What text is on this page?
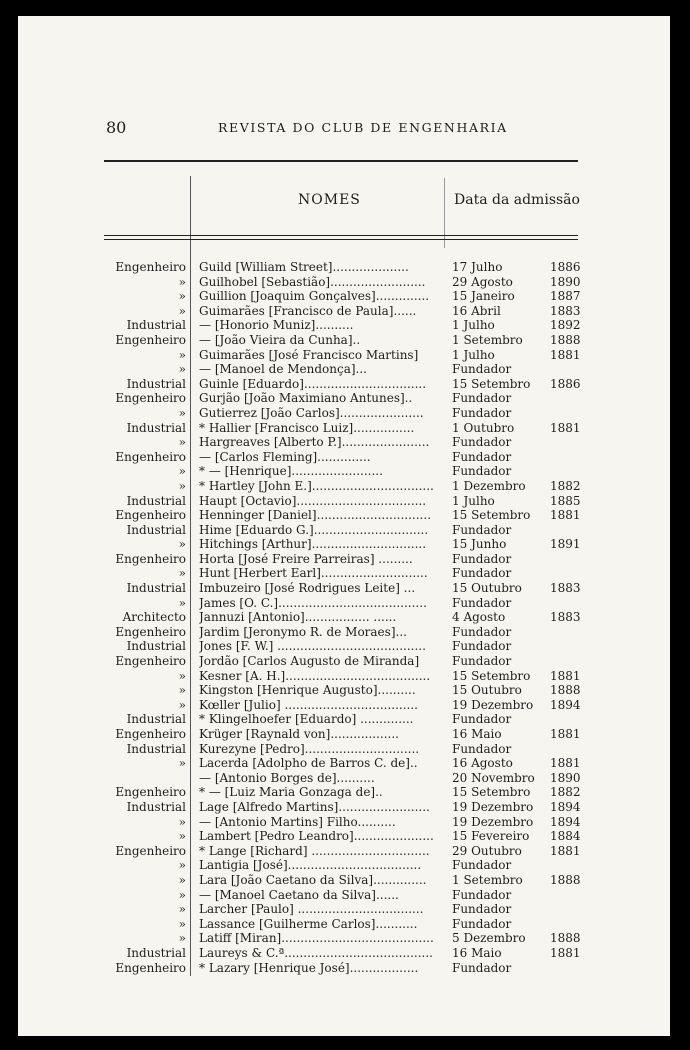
80	REVISTA DO CLUB DE ENGENHARIA
NOMES	Data da admissão
Engenheiro Guild [William Street]....................	17 Julho	1886
» Guilhobel [Sebastião].........................	29 Agosto	1890
» Guillion [Joaquim Gonçalves]..............	15 Janeiro	1887
» Guimarães [Francisco de Paula]......	16 Abril	1883
Industrial — [Honorio Muniz]..........	1 Julho	1892
Engenheiro — [João Vieira da Cunha]..	1 Setembro 1888
» Guimarães [José Francisco Martins]	1 Julho	1881
» — [Manoel de Mendonça]...	Fundador
Industrial Guinle [Eduardo]................................	15 Setembro 1886
Engenheiro Gurjão [João Maximiano Antunes]..	Fundador
» Gutierrez [João Carlos]......................	Fundador
Industrial * Hallier [Francisco Luiz]................	1 Outubro	1881
» Hargreaves [Alberto P.].......................	Fundador
Engenheiro — [Carlos Fleming]..............	Fundador
» * — [Henrique]........................	Fundador
» * Hartley [John E.]................................	1 Dezembro 1882
Industrial Haupt [Octavio]..................................	1 Julho	1885
Engenheiro Henninger [Daniel]..............................	15 Setembro 1881
Industrial Hime [Eduardo G.]..............................	Fundador
» Hitchings [Arthur]..............................	15 Junho	1891
Engenheiro Horta [José Freire Parreiras] .........	Fundador
» Hunt [Herbert Earl]............................	Fundador
Industrial Imbuzeiro [José Rodrigues Leite] ...	15 Outubro 1883
» James [O. C.].......................................	Fundador
Architecto Jannuzi [Antonio]................. ......	4 Agosto	1883
Engenheiro Jardim [Jeronymo R. de Moraes]...	Fundador
Industrial Jones [F. W.] .......................................	Fundador
Engenheiro Jordão [Carlos Augusto de Miranda]	Fundador
» Kesner [A. H.]......................................	15 Setembro 1881
» Kingston [Henrique Augusto]..........	15 Outubro 1888
» Kœller [Julio] ...................................	19 Dezembro 1894
Industrial * Klingelhoefer [Eduardo] ..............	Fundador
Engenheiro Krüger [Raynald von]..................	16 Maio	1881
Industrial Kurezyne [Pedro]..............................	Fundador
» Lacerda [Adolpho de Barros C. de]..	16 Agosto	1881
— [Antonio Borges de]..........	20 Novembro 1890
Engenheiro * — [Luiz Maria Gonzaga de]..	15 Setembro 1882
Industrial Lage [Alfredo Martins]........................	19 Dezembro 1894
» — [Antonio Martins] Filho..........	19 Dezembro 1894
» Lambert [Pedro Leandro].....................	15 Fevereiro 1884
Engenheiro * Lange [Richard] ...............................	29 Outubro 1881
» Lantigia [José]...................................	Fundador
» Lara [João Caetano da Silva]..............	1 Setembro 1888
» — [Manoel Caetano da Silva]......	Fundador
» Larcher [Paulo] .................................	Fundador
» Lassance [Guilherme Carlos]...........	Fundador
» Latiff [Miran]........................................	5 Dezembro 1888
Industrial Laureys & C.ª.......................................	16 Maio	1881
Engenheiro * Lazary [Henrique José]..................	Fundador
